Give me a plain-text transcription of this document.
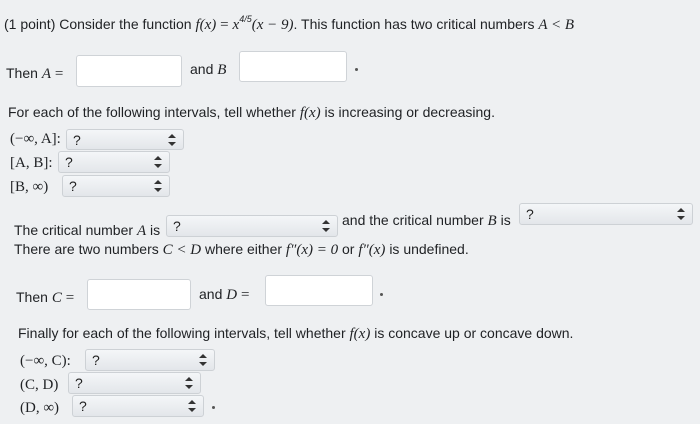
(1 point) Consider the function $f(x) = x^{4/5}(x - 9)$. This function has two critical numbers A < B
Then A =	and B
For each of the following intervals, tell whether f(x) is increasing or decreasing.
(−∞, A]: ?
[A, B]: ?
[B, ∞) ?
The critical number A is ?	and the critical number B is ?
There are two numbers C < D where either f″(x) = 0 or f″(x) is undefined.
Then C =	and D =
Finally for each of the following intervals, tell whether f(x) is concave up or concave down.
(−∞, C): ?
(C, D) ?
(D, ∞) ?
